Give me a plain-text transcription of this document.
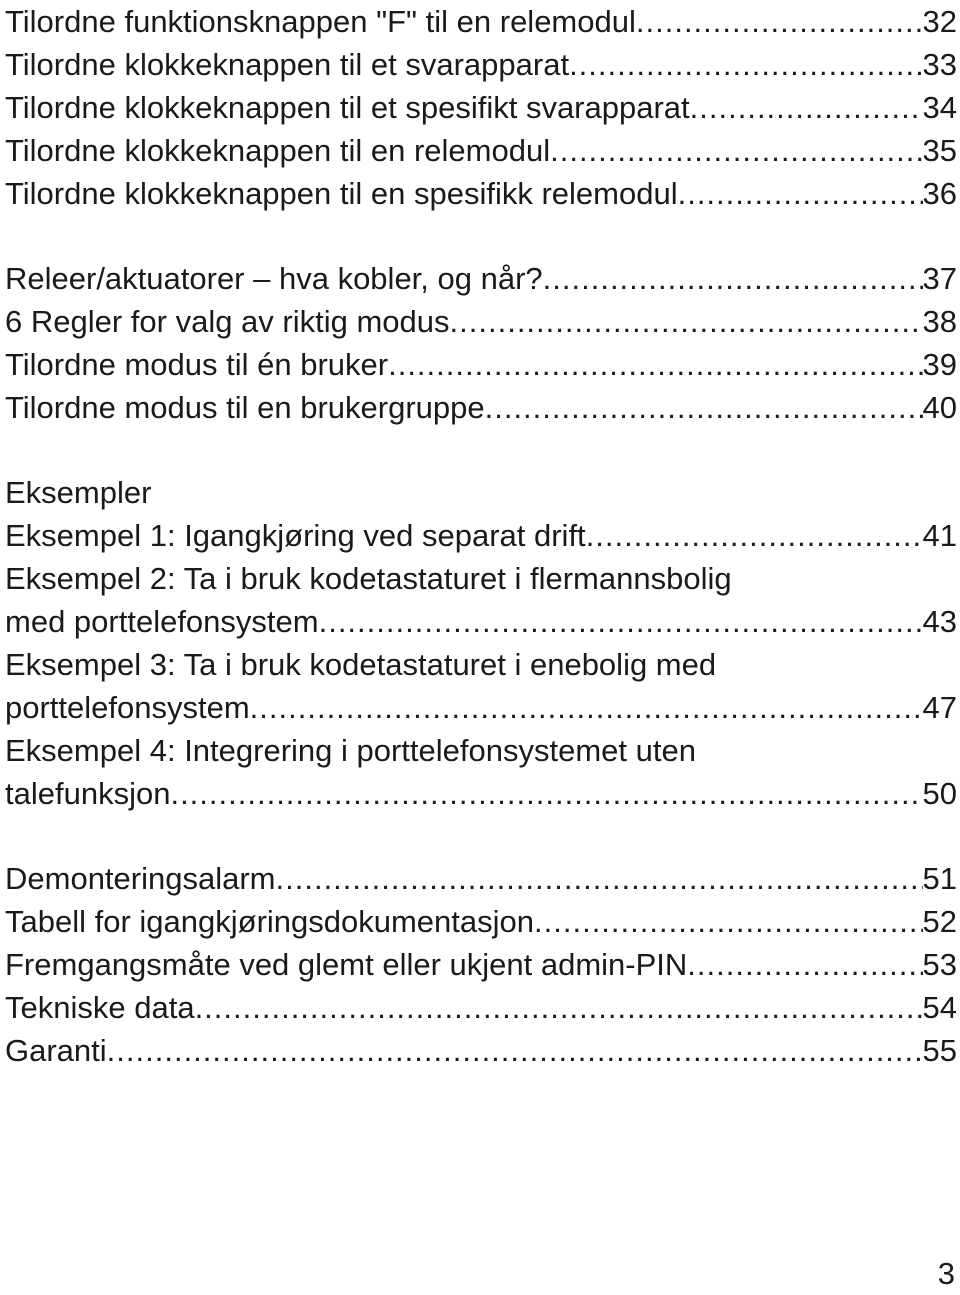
Tilordne funktionsknappen "F" til en relemodul .....	32
Tilordne klokkeknappen til et svarapparat .....	33
Tilordne klokkeknappen til et spesifikt svarapparat .....	34
Tilordne klokkeknappen til en relemodul .....	35
Tilordne klokkeknappen til en spesifikk relemodul .....	36
Releer/aktuatorer – hva kobler, og når? .....	37
6 Regler for valg av riktig modus .....	38
Tilordne modus til én bruker .....	39
Tilordne modus til en brukergruppe .....	40
Eksempler
Eksempel 1: Igangkjøring ved separat drift .....	41
Eksempel 2: Ta i bruk kodetastaturet i flermannsbolig
med porttelefonsystem .....	43
Eksempel 3: Ta i bruk kodetastaturet i enebolig med
porttelefonsystem .....	47
Eksempel 4: Integrering i porttelefonsystemet uten
talefunksjon .....	50
Demonteringsalarm .....	51
Tabell for igangkjøringsdokumentasjon .....	52
Fremgangsmåte ved glemt eller ukjent admin-PIN .....	53
Tekniske data .....	54
Garanti .....	55
3
